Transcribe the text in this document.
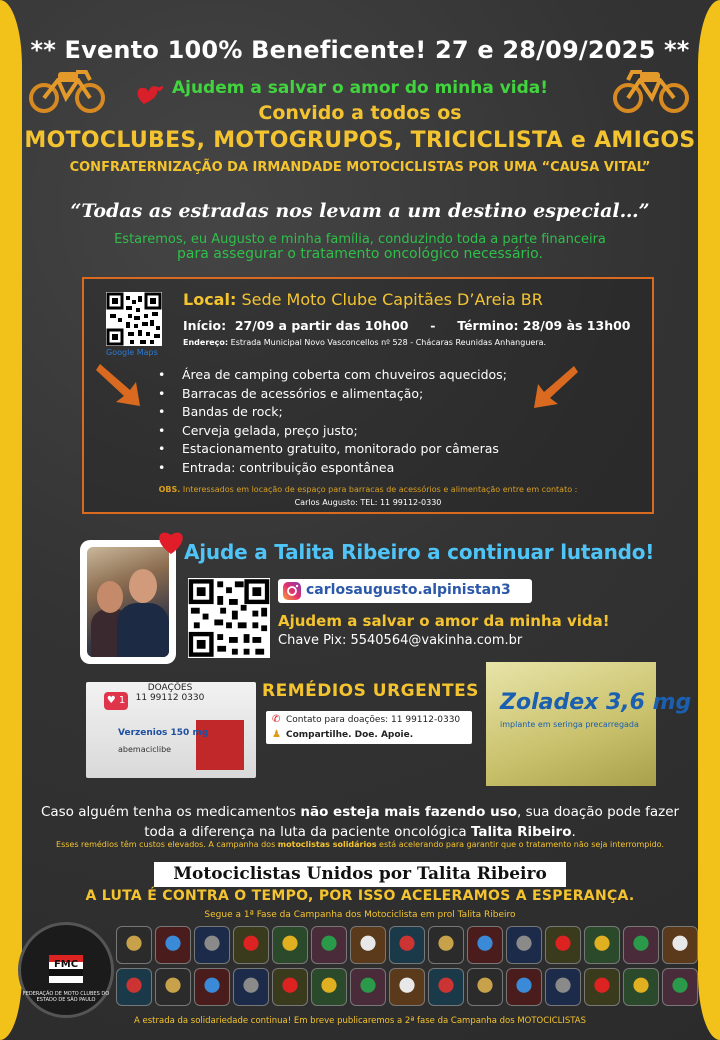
** Evento 100% Beneficente! 27 e 28/09/2025 **
Ajudem a salvar o amor do minha vida!
Convido a todos os
MOTOCLUBES, MOTOGRUPOS, TRICICLISTA e AMIGOS
CONFRATERNIZAÇÃO DA IRMANDADE MOTOCICLISTAS POR UMA “CAUSA VITAL”
“Todas as estradas nos levam a um destino especial…”
Estaremos, eu Augusto e minha família, conduzindo toda a parte financeira
para assegurar o tratamento oncológico necessário.
Google Maps
Local: Sede Moto Clube Capitães D’Areia BR
Início:  27/09 a partir das 10h00     -     Término: 28/09 às 13h00
Endereço: Estrada Municipal Novo Vasconcellos nº 528 - Chácaras Reunidas Anhanguera.
• Área de camping coberta com chuveiros aquecidos;
• Barracas de acessórios e alimentação;
• Bandas de rock;
• Cerveja gelada, preço justo;
• Estacionamento gratuito, monitorado por câmeras
• Entrada: contribuição espontânea
OBS. Interessados em locação de espaço para barracas de acessórios e alimentação entre em contato :
Carlos Augusto: TEL: 11 99112-0330
Ajude a Talita Ribeiro a continuar lutando!
carlosaugusto.alpinistan3
Ajudem a salvar o amor da minha vida!
Chave Pix: 5540564@vakinha.com.br
♥ 1
DOAÇÕES
11 99112 0330
Verzenios 150 mg
abemaciclibe
REMÉDIOS URGENTES
✆
♟
Contato para doações: 11 99112-0330
Compartilhe. Doe. Apoie.
Zoladex 3,6 mg
implante em seringa precarregada
Caso alguém tenha os medicamentos não esteja mais fazendo uso, sua doação pode fazer
toda a diferença na luta da paciente oncológica Talita Ribeiro.
Esses remédios têm custos elevados. A campanha dos motoclistas solidários está acelerando para garantir que o tratamento não seja interrompido.
Motociclistas Unidos por Talita Ribeiro
A LUTA É CONTRA O TEMPO, POR ISSO ACELERAMOS A ESPERANÇA.
Segue a 1ª Fase da Campanha dos Motociclista em prol Talita Ribeiro
FEDERAÇÃO DE MOTO CLUBES DO ESTADO DE SÃO PAULO
FMC
A estrada da solidariedade continua! Em breve publicaremos a 2ª fase da Campanha dos MOTOCICLISTAS
